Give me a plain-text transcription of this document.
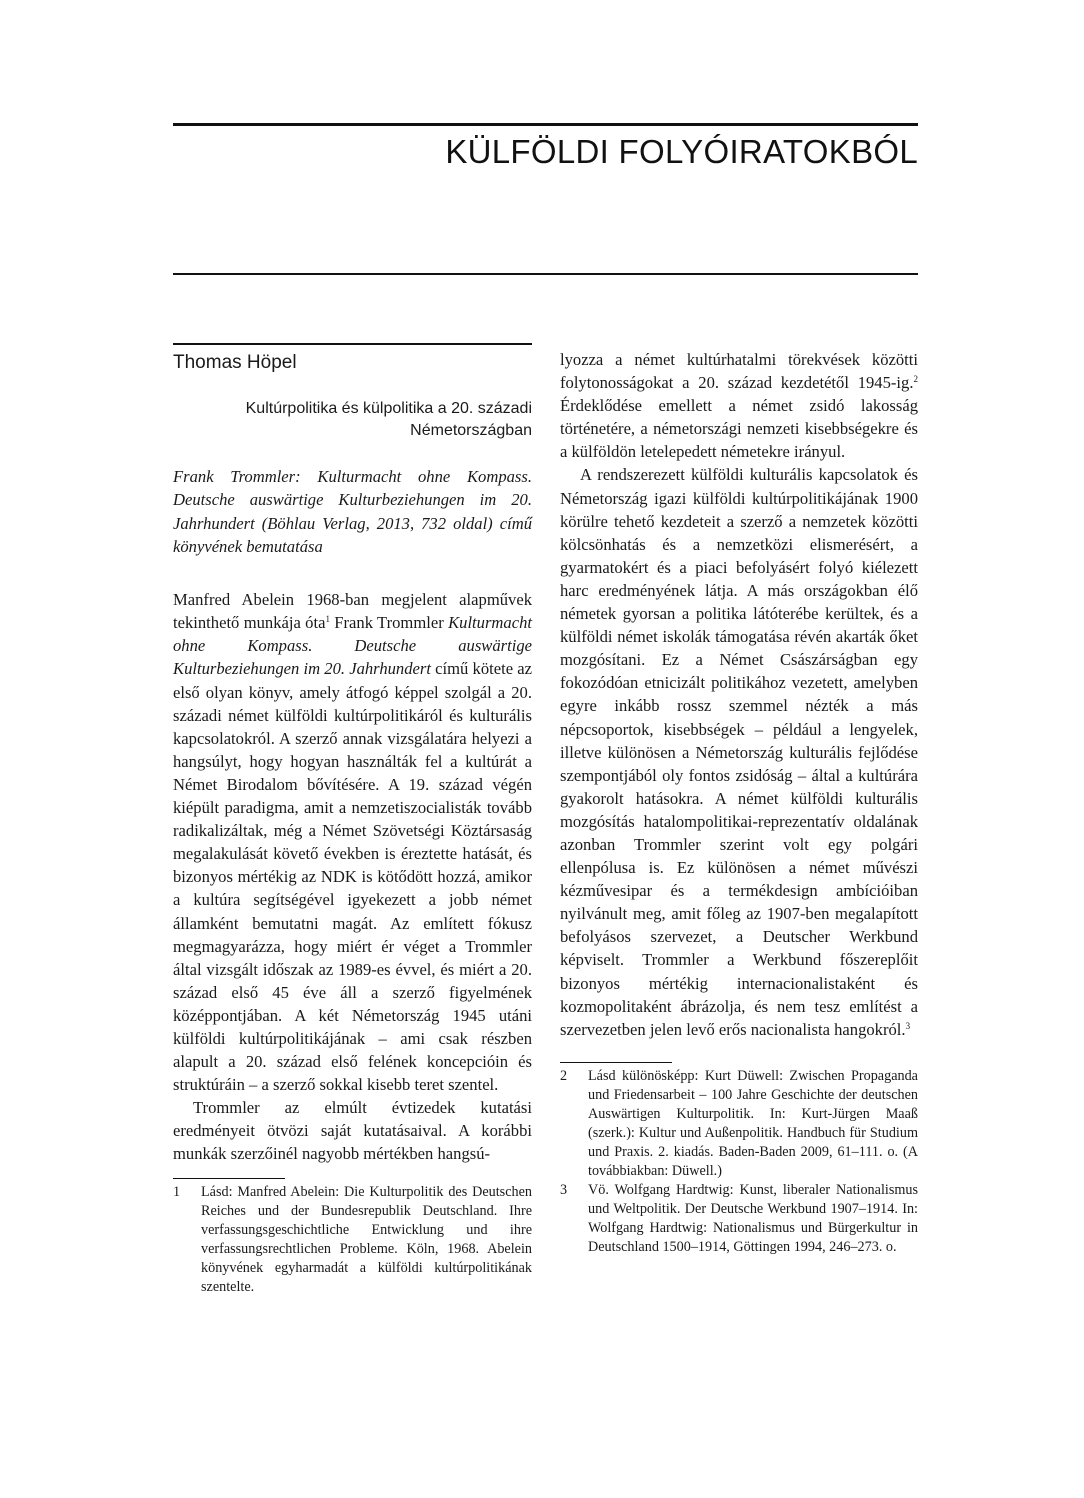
KÜLFÖLDI FOLYÓIRATOKBÓL
Thomas Höpel
Kultúrpolitika és külpolitika a 20. századi Németországban

Frank Trommler: Kulturmacht ohne Kompass. Deutsche auswärtige Kulturbeziehungen im 20. Jahrhundert (Böhlau Verlag, 2013, 732 oldal) című könyvének bemutatása

Manfred Abelein 1968-ban megjelent alapművek tekinthető munkája óta$^1$ Frank Trommler Kulturmacht ohne Kompass. Deutsche auswärtige Kulturbeziehungen im 20. Jahrhundert című kötete az első olyan könyv, amely átfogó képpel szolgál a 20. századi német külföldi kultúrpolitikáról és kulturális kapcsolatokról. A szerző annak vizsgálatára helyezi a hangsúlyt, hogy hogyan használták fel a kultúrát a Német Birodalom bővítésére. A 19. század végén kiépült paradigma, amit a nemzetiszocialisták tovább radikalizáltak, még a Német Szövetségi Köztársaság megalakulását követő években is éreztette hatását, és bizonyos mértékig az NDK is kötődött hozzá, amikor a kultúra segítségével igyekezett a jobb német államként bemutatni magát. Az említett fókusz megmagyarázza, hogy miért ér véget a Trommler által vizsgált időszak az 1989-es évvel, és miért a 20. század első 45 éve áll a szerző figyelmének középpontjában. A két Németország 1945 utáni külföldi kultúrpolitikájának – ami csak részben alapult a 20. század első felének koncepcióin és struktúráin – a szerző sokkal kisebb teret szentel.

Trommler az elmúlt évtizedek kutatási eredményeit ötvözi saját kutatásaival. A korábbi munkák szerzőinél nagyobb mértékben hangsú-

1	Lásd: Manfred Abelein: Die Kulturpolitik des Deutschen Reiches und der Bundesrepublik Deutschland. Ihre verfassungsgeschichtliche Entwicklung und ihre verfassungsrechtlichen Probleme. Köln, 1968. Abelein könyvének egyharmadát a külföldi kultúrpolitikának szentelte.

lyozza a német kultúrhatalmi törekvések közötti folytonosságokat a 20. század kezdetétől 1945-ig.$^2$ Érdeklődése emellett a német zsidó lakosság történetére, a németországi nemzeti kisebbségekre és a külföldön letelepedett németekre irányul.

A rendszerezett külföldi kulturális kapcsolatok és Németország igazi külföldi kultúrpolitikájának 1900 körülre tehető kezdeteit a szerző a nemzetek közötti kölcsönhatás és a nemzetközi elismerésért, a gyarmatokért és a piaci befolyásért folyó kiélezett harc eredményének látja. A más országokban élő németek gyorsan a politika látóterébe kerültek, és a külföldi német iskolák támogatása révén akarták őket mozgósítani. Ez a Német Császárságban egy fokozódóan etnicizált politikához vezetett, amelyben egyre inkább rossz szemmel nézték a más népcsoportok, kisebbségek – például a lengyelek, illetve különösen a Németország kulturális fejlődése szempontjából oly fontos zsidóság – által a kultúrára gyakorolt hatásokra. A német külföldi kulturális mozgósítás hatalompolitikai-reprezentatív oldalának azonban Trommler szerint volt egy polgári ellenpólusa is. Ez különösen a német művészi kézművesipar és a termékdesign ambícióiban nyilvánult meg, amit főleg az 1907-ben megalapított befolyásos szervezet, a Deutscher Werkbund képviselt. Trommler a Werkbund főszereplőit bizonyos mértékig internacionalistaként és kozmopolitaként ábrázolja, és nem tesz említést a szervezetben jelen levő erős nacionalista hangokról.$^3$

2	Lásd különösképp: Kurt Düwell: Zwischen Propaganda und Friedensarbeit – 100 Jahre Geschichte der deutschen Auswärtigen Kulturpolitik. In: Kurt-Jürgen Maaß (szerk.): Kultur und Außenpolitik. Handbuch für Studium und Praxis. 2. kiadás. Baden-Baden 2009, 61–111. o. (A továbbiakban: Düwell.)
3	Vö. Wolfgang Hardtwig: Kunst, liberaler Nationalismus und Weltpolitik. Der Deutsche Werkbund 1907–1914. In: Wolfgang Hardtwig: Nationalismus und Bürgerkultur in Deutschland 1500–1914, Göttingen 1994, 246–273. o.
